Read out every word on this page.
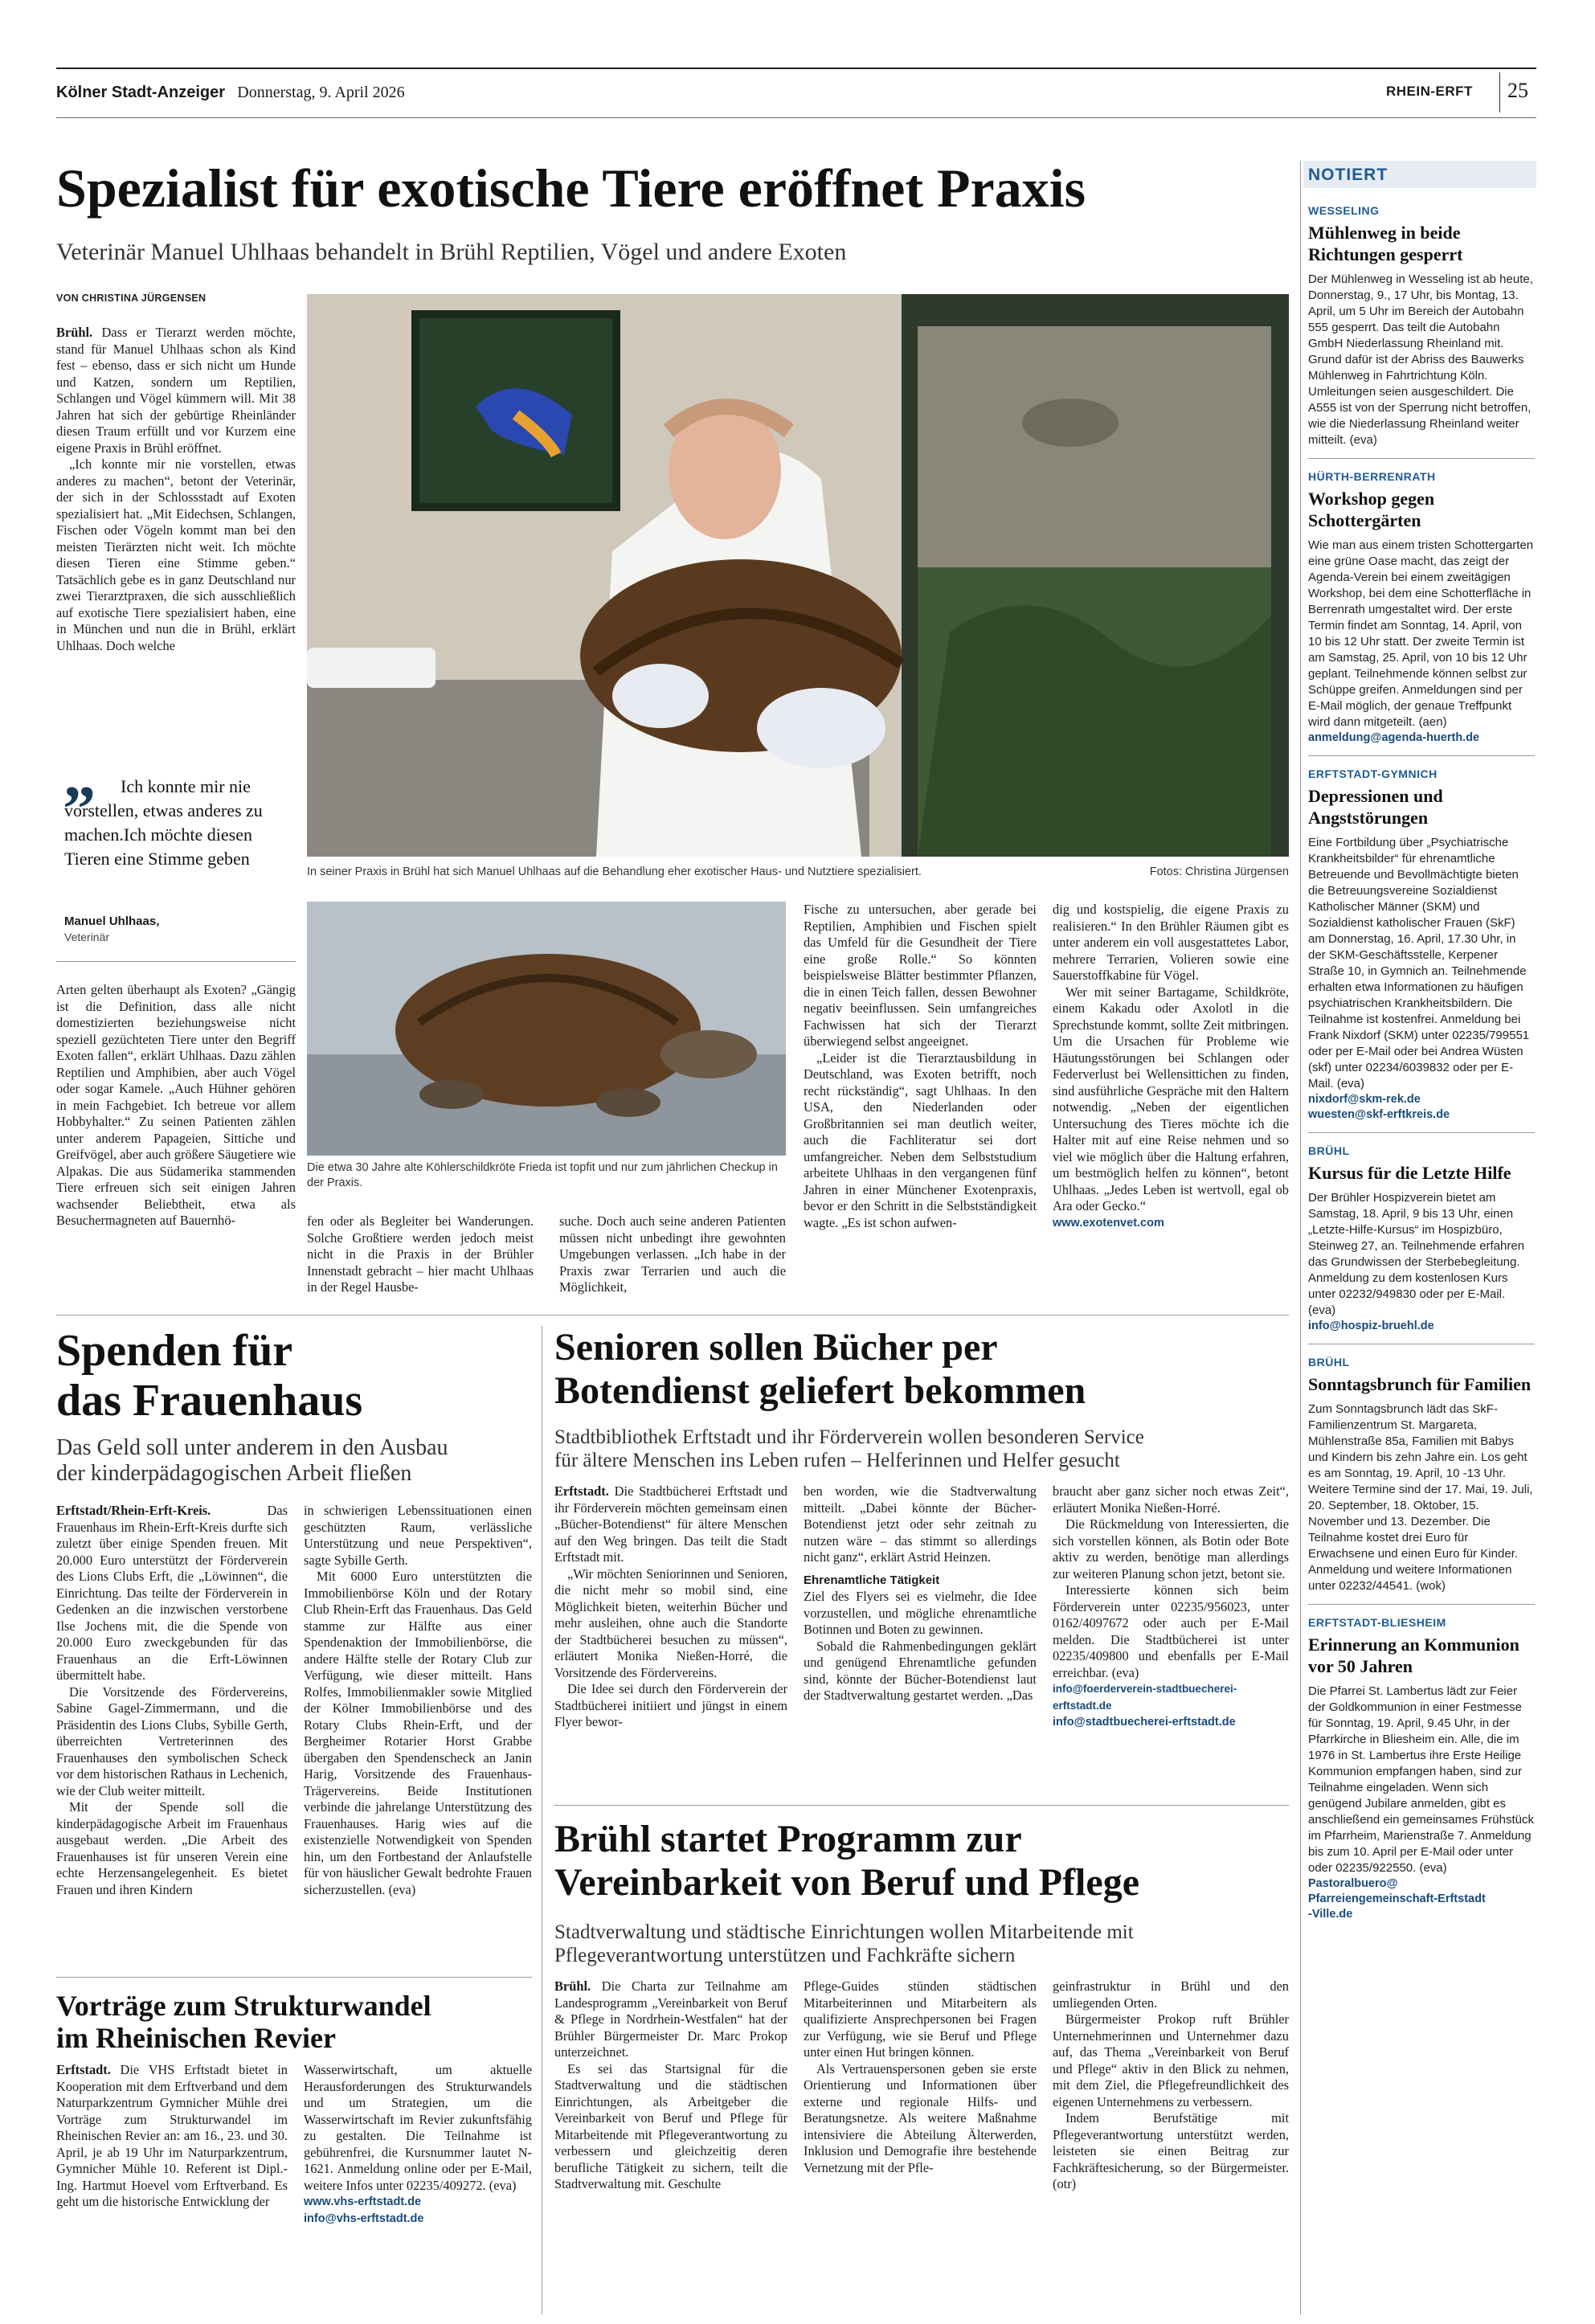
Kölner Stadt-Anzeiger Donnerstag, 9. April 2026	RHEIN-ERFT 25
Spezialist für exotische Tiere eröffnet Praxis
Veterinär Manuel Uhlhaas behandelt in Brühl Reptilien, Vögel und andere Exoten
VON CHRISTINA JÜRGENSEN

Brühl. Dass er Tierarzt werden möchte, stand für Manuel Uhlhaas schon als Kind fest – ebenso, dass er sich nicht um Hunde und Katzen, sondern um Reptilien, Schlangen und Vögel kümmern will. Mit 38 Jahren hat sich der gebürtige Rheinländer diesen Traum erfüllt und vor Kurzem eine eigene Praxis in Brühl eröffnet.

„Ich konnte mir nie vorstellen, etwas anderes zu machen“, betont der Veterinär, der sich in der Schlossstadt auf Exoten spezialisiert hat. „Mit Eidechsen, Schlangen, Fischen oder Vögeln kommt man bei den meisten Tierärzten nicht weit. Ich möchte diesen Tieren eine Stimme geben.“ Tatsächlich gebe es in ganz Deutschland nur zwei Tierarztpraxen, die sich ausschließlich auf exotische Tiere spezialisiert haben, eine in München und nun die in Brühl, erklärt Uhlhaas. Doch welche

”	Ich konnte mir nie vorstellen, etwas anderes zu machen.Ich möchte diesen Tieren eine Stimme geben
Manuel Uhlhaas,
Veterinär

Arten gelten überhaupt als Exoten? „Gängig ist die Definition, dass alle nicht domestizierten beziehungsweise nicht speziell gezüchteten Tiere unter den Begriff Exoten fallen“, erklärt Uhlhaas. Dazu zählen Reptilien und Amphibien, aber auch Vögel oder sogar Kamele. „Auch Hühner gehören in mein Fachgebiet. Ich betreue vor allem Hobbyhalter.“ Zu seinen Patienten zählen unter anderem Papageien, Sittiche und Greifvögel, aber auch größere Säugetiere wie Alpakas. Die aus Südamerika stammenden Tiere erfreuen sich seit einigen Jahren wachsender Beliebtheit, etwa als Besuchermagneten auf Bauernhö-

In seiner Praxis in Brühl hat sich Manuel Uhlhaas auf die Behandlung eher exotischer Haus- und Nutztiere spezialisiert.	Fotos: Christina Jürgensen
Die etwa 30 Jahre alte Köhlerschildkröte Frieda ist topfit und nur zum jährlichen Checkup in der Praxis.

fen oder als Begleiter bei Wanderungen. Solche Großtiere werden jedoch meist nicht in die Praxis in der Brühler Innenstadt gebracht – hier macht Uhlhaas in der Regel Hausbe-

suche. Doch auch seine anderen Patienten müssen nicht unbedingt ihre gewohnten Umgebungen verlassen. „Ich habe in der Praxis zwar Terrarien und auch die Möglichkeit,

Fische zu untersuchen, aber gerade bei Reptilien, Amphibien und Fischen spielt das Umfeld für die Gesundheit der Tiere eine große Rolle.“ So könnten beispielsweise Blätter bestimmter Pflanzen, die in einen Teich fallen, dessen Bewohner negativ beeinflussen. Sein umfangreiches Fachwissen hat sich der Tierarzt überwiegend selbst angeeignet.

„Leider ist die Tierarztausbildung in Deutschland, was Exoten betrifft, noch recht rückständig“, sagt Uhlhaas. In den USA, den Niederlanden oder Großbritannien sei man deutlich weiter, auch die Fachliteratur sei dort umfangreicher. Neben dem Selbststudium arbeitete Uhlhaas in den vergangenen fünf Jahren in einer Münchener Exotenpraxis, bevor er den Schritt in die Selbstständigkeit wagte. „Es ist schon aufwen-

dig und kostspielig, die eigene Praxis zu realisieren.“ In den Brühler Räumen gibt es unter anderem ein voll ausgestattetes Labor, mehrere Terrarien, Volieren sowie eine Sauerstoffkabine für Vögel.

Wer mit seiner Bartagame, Schildkröte, einem Kakadu oder Axolotl in die Sprechstunde kommt, sollte Zeit mitbringen. Um die Ursachen für Probleme wie Häutungsstörungen bei Schlangen oder Federverlust bei Wellensittichen zu finden, sind ausführliche Gespräche mit den Haltern notwendig. „Neben der eigentlichen Untersuchung des Tieres möchte ich die Halter mit auf eine Reise nehmen und so viel wie möglich über die Haltung erfahren, um bestmöglich helfen zu können“, betont Uhlhaas. „Jedes Leben ist wertvoll, egal ob Ara oder Gecko.“

www.exotenvet.com

Spenden für
das Frauenhaus
Das Geld soll unter anderem in den Ausbau
der kinderpädagogischen Arbeit fließen

Erftstadt/Rhein-Erft-Kreis.	Das Frauenhaus im Rhein-Erft-Kreis durfte sich zuletzt über einige Spenden freuen. Mit 20.000 Euro unterstützt der Förderverein des Lions Clubs Erft, die „Löwinnen“, die Einrichtung. Das teilte der Förderverein in Gedenken an die inzwischen verstorbene Ilse Jochens mit, die die Spende von 20.000 Euro zweckgebunden für das Frauenhaus an die Erft-Löwinnen übermittelt habe.

Die Vorsitzende des Fördervereins, Sabine Gagel-Zimmermann, und die Präsidentin des Lions Clubs, Sybille Gerth, überreichten Vertreterinnen des Frauenhauses den symbolischen Scheck vor dem historischen Rathaus in Lechenich, wie der Club weiter mitteilt.

Mit der Spende soll die kinderpädagogische Arbeit im Frauenhaus ausgebaut werden. „Die Arbeit des Frauenhauses ist für unseren Verein eine echte Herzensangelegenheit. Es bietet Frauen und ihren Kindern

in schwierigen Lebenssituationen einen geschützten Raum, verlässliche Unterstützung und neue Perspektiven“, sagte Sybille Gerth.

Mit 6000 Euro unterstützten die Immobilienbörse Köln und der Rotary Club Rhein-Erft das Frauenhaus. Das Geld stamme zur Hälfte aus einer Spendenaktion der Immobilienbörse, die andere Hälfte stelle der Rotary Club zur Verfügung, wie dieser mitteilt. Hans Rolfes, Immobilienmakler sowie Mitglied der Kölner Immobilienbörse und des Rotary Clubs Rhein-Erft, und der Bergheimer Rotarier Horst Grabbe übergaben den Spendenscheck an Janin Harig, Vorsitzende des Frauenhaus-Trägervereins. Beide Institutionen verbinde die jahrelange Unterstützung des Frauenhauses. Harig wies auf die existenzielle Notwendigkeit von Spenden hin, um den Fortbestand der Anlaufstelle für von häuslicher Gewalt bedrohte Frauen sicherzustellen. (eva)

Vorträge zum Strukturwandel
im Rheinischen Revier

Erftstadt. Die VHS Erftstadt bietet in Kooperation mit dem Erftverband und dem Naturparkzentrum Gymnicher Mühle drei Vorträge zum Strukturwandel im Rheinischen Revier an: am 16., 23. und 30. April, je ab 19 Uhr im Naturparkzentrum, Gymnicher Mühle 10. Referent ist Dipl.-Ing. Hartmut Hoevel vom Erftverband. Es geht um die historische Entwicklung der

Wasserwirtschaft, um aktuelle Herausforderungen des Strukturwandels und um Strategien, um die Wasserwirtschaft im Revier zukunftsfähig zu gestalten. Die Teilnahme ist gebührenfrei, die Kursnummer lautet N-1621. Anmeldung online oder per E-Mail, weitere Infos unter 02235/409272. (eva)

www.vhs-erftstadt.de

info@vhs-erftstadt.de

Senioren sollen Bücher per
Botendienst geliefert bekommen
Stadtbibliothek Erftstadt und ihr Förderverein wollen besonderen Service
für ältere Menschen ins Leben rufen – Helferinnen und Helfer gesucht

Erftstadt. Die Stadtbücherei Erftstadt und ihr Förderverein möchten gemeinsam einen „Bücher-Botendienst“ für ältere Menschen auf den Weg bringen. Das teilt die Stadt Erftstadt mit.

„Wir möchten Seniorinnen und Senioren, die nicht mehr so mobil sind, eine Möglichkeit bieten, weiterhin Bücher und mehr ausleihen, ohne auch die Standorte der Stadtbücherei besuchen zu müssen“, erläutert Monika Nießen-Horré, die Vorsitzende des Fördervereins.

Die Idee sei durch den Förderverein der Stadtbücherei initiiert und jüngst in einem Flyer bewor-

ben worden, wie die Stadtverwaltung mitteilt. „Dabei könnte der Bücher-Botendienst jetzt oder sehr zeitnah zu nutzen wäre – das stimmt so allerdings nicht ganz“, erklärt Astrid Heinzen.

Ehrenamtliche Tätigkeit

Ziel des Flyers sei es vielmehr, die Idee vorzustellen, und mögliche ehrenamtliche Botinnen und Boten zu gewinnen.

Sobald die Rahmenbedingungen geklärt und genügend Ehrenamtliche gefunden sind, könnte der Bücher-Botendienst laut der Stadtverwaltung gestartet werden. „Das

braucht aber ganz sicher noch etwas Zeit“, erläutert Monika Nießen-Horré.

Die Rückmeldung von Interessierten, die sich vorstellen können, als Botin oder Bote aktiv zu werden, benötige man allerdings zur weiteren Planung schon jetzt, betont sie.

Interessierte können sich beim Förderverein unter 02235/956023, unter 0162/4097672 oder auch per E-Mail melden. Die Stadtbücherei ist unter 02235/409800 und ebenfalls per E-Mail erreichbar. (eva)

info@foerderverein-stadtbuecherei-erftstadt.de

info@stadtbuecherei-erftstadt.de

Brühl startet Programm zur
Vereinbarkeit von Beruf und Pflege
Stadtverwaltung und städtische Einrichtungen wollen Mitarbeitende mit
Pflegeverantwortung unterstützen und Fachkräfte sichern

Brühl. Die Charta zur Teilnahme am Landesprogramm „Vereinbarkeit von Beruf & Pflege in Nordrhein-Westfalen“ hat der Brühler Bürgermeister Dr. Marc Prokop unterzeichnet.

Es sei das Startsignal für die Stadtverwaltung und die städtischen Einrichtungen, als Arbeitgeber die Vereinbarkeit von Beruf und Pflege für Mitarbeitende mit Pflegeverantwortung zu verbessern und gleichzeitig deren berufliche Tätigkeit zu sichern, teilt die Stadtverwaltung mit. Geschulte

Pflege-Guides stünden städtischen Mitarbeiterinnen und Mitarbeitern als qualifizierte Ansprechpersonen bei Fragen zur Verfügung, wie sie Beruf und Pflege unter einen Hut bringen können.

Als Vertrauenspersonen geben sie erste Orientierung und Informationen über externe und regionale Hilfs- und Beratungsnetze. Als weitere Maßnahme intensiviere die Abteilung Älterwerden, Inklusion und Demografie ihre bestehende Vernetzung mit der Pfle-

geinfrastruktur in Brühl und den umliegenden Orten.

Bürgermeister Prokop ruft Brühler Unternehmerinnen und Unternehmer dazu auf, das Thema „Vereinbarkeit von Beruf und Pflege“ aktiv in den Blick zu nehmen, mit dem Ziel, die Pflegefreundlichkeit des eigenen Unternehmens zu verbessern.

Indem Berufstätige mit Pflegeverantwortung unterstützt werden, leisteten sie einen Beitrag zur Fachkräftesicherung, so der Bürgermeister. (otr)

NOTIERT
WESSELING
Mühlenweg in beide Richtungen gesperrt
Der Mühlenweg in Wesseling ist ab heute, Donnerstag, 9., 17 Uhr, bis Montag, 13. April, um 5 Uhr im Bereich der Autobahn 555 gesperrt. Das teilt die Autobahn GmbH Niederlassung Rheinland mit. Grund dafür ist der Abriss des Bauwerks Mühlenweg in Fahrtrichtung Köln. Umleitungen seien ausgeschildert. Die A555 ist von der Sperrung nicht betroffen, wie die Niederlassung Rheinland weiter mitteilt. (eva)
HÜRTH-BERRENRATH
Workshop gegen Schottergärten
Wie man aus einem tristen Schottergarten eine grüne Oase macht, das zeigt der Agenda-Verein bei einem zweitägigen Workshop, bei dem eine Schotterfläche in Berrenrath umgestaltet wird. Der erste Termin findet am Sonntag, 14. April, von 10 bis 12 Uhr statt. Der zweite Termin ist am Samstag, 25. April, von 10 bis 12 Uhr geplant. Teilnehmende können selbst zur Schüppe greifen. Anmeldungen sind per E-Mail möglich, der genaue Treffpunkt wird dann mitgeteilt. (aen)
anmeldung@agenda-huerth.de
ERFTSTADT-GYMNICH
Depressionen und Angststörungen
Eine Fortbildung über „Psychiatrische Krankheitsbilder“ für ehrenamtliche Betreuende und Bevollmächtigte bieten die Betreuungsvereine Sozialdienst Katholischer Männer (SKM) und Sozialdienst katholischer Frauen (SkF) am Donnerstag, 16. April, 17.30 Uhr, in der SKM-Geschäftsstelle, Kerpener Straße 10, in Gymnich an. Teilnehmende erhalten etwa Informationen zu häufigen psychiatrischen Krankheitsbildern. Die Teilnahme ist kostenfrei. Anmeldung bei Frank Nixdorf (SKM) unter 02235/799551 oder per E-Mail oder bei Andrea Wüsten (skf) unter 02234/6039832 oder per E-Mail. (eva)
nixdorf@skm-rek.de
wuesten@skf-erftkreis.de
BRÜHL
Kursus für die Letzte Hilfe
Der Brühler Hospizverein bietet am Samstag, 18. April, 9 bis 13 Uhr, einen „Letzte-Hilfe-Kursus“ im Hospizbüro, Steinweg 27, an. Teilnehmende erfahren das Grundwissen der Sterbebegleitung. Anmeldung zu dem kostenlosen Kurs unter 02232/949830 oder per E-Mail. (eva)
info@hospiz-bruehl.de
BRÜHL
Sonntagsbrunch für Familien
Zum Sonntagsbrunch lädt das SkF-Familienzentrum St. Margareta, Mühlenstraße 85a, Familien mit Babys und Kindern bis zehn Jahre ein. Los geht es am Sonntag, 19. April, 10 -13 Uhr. Weitere Termine sind der 17. Mai, 19. Juli, 20. September, 18. Oktober, 15. November und 13. Dezember. Die Teilnahme kostet drei Euro für Erwachsene und einen Euro für Kinder. Anmeldung und weitere Informationen unter 02232/44541. (wok)
ERFTSTADT-BLIESHEIM
Erinnerung an Kommunion vor 50 Jahren
Die Pfarrei St. Lambertus lädt zur Feier der Goldkommunion in einer Festmesse für Sonntag, 19. April, 9.45 Uhr, in der Pfarrkirche in Bliesheim ein. Alle, die im 1976 in St. Lambertus ihre Erste Heilige Kommunion empfangen haben, sind zur Teilnahme eingeladen. Wenn sich genügend Jubilare anmelden, gibt es anschließend ein gemeinsames Frühstück im Pfarrheim, Marienstraße 7. Anmeldung bis zum 10. April per E-Mail oder unter oder 02235/922550. (eva)
Pastoralbuero@
Pfarreiengemeinschaft-Erftstadt
-Ville.de
